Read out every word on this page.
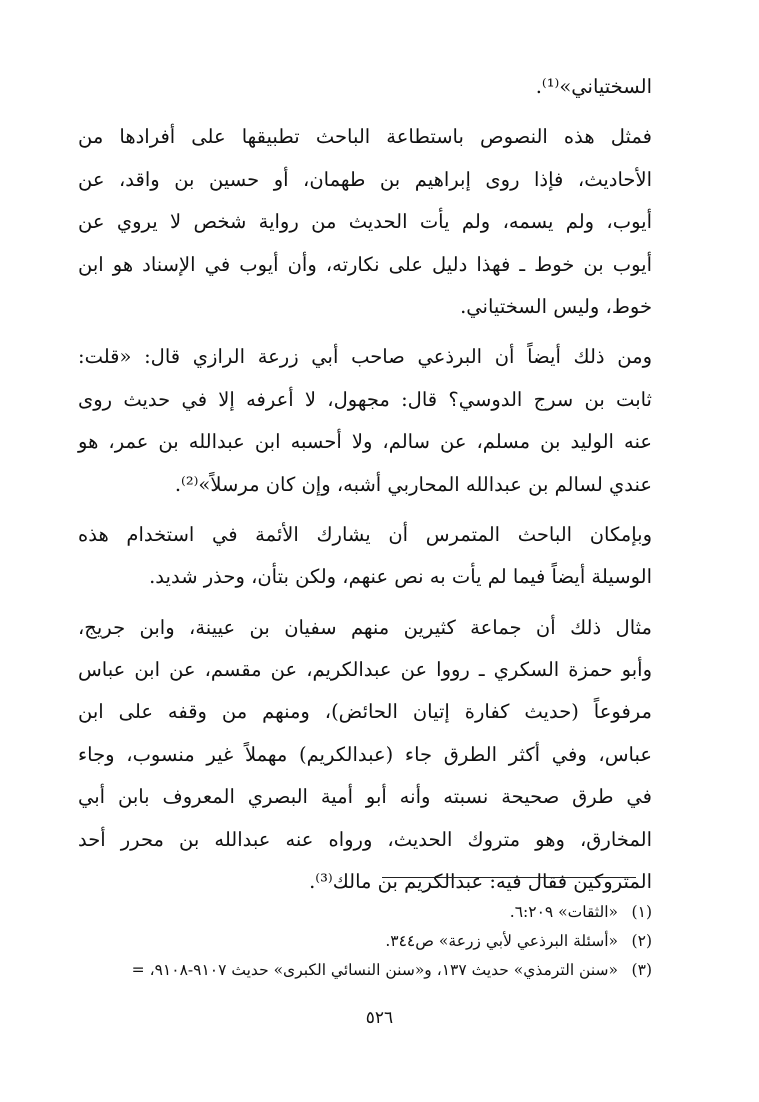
السختياني»⁽¹⁾.
فمثل هذه النصوص باستطاعة الباحث تطبيقها على أفرادها من
الأحاديث، فإذا روى إبراهيم بن طهمان، أو حسين بن واقد، عن
أيوب، ولم يسمه، ولم يأت الحديث من رواية شخص لا يروي عن
أيوب بن خوط ـ فهذا دليل على نكارته، وأن أيوب في الإسناد هو ابن
خوط، وليس السختياني.
ومن ذلك أيضاً أن البرذعي صاحب أبي زرعة الرازي قال: «قلت:
ثابت بن سرج الدوسي؟ قال: مجهول، لا أعرفه إلا في حديث روى
عنه الوليد بن مسلم، عن سالم، ولا أحسبه ابن عبدالله بن عمر، هو
عندي لسالم بن عبدالله المحاربي أشبه، وإن كان مرسلاً»⁽²⁾.
وبإمكان الباحث المتمرس أن يشارك الأئمة في استخدام هذه
الوسيلة أيضاً فيما لم يأت به نص عنهم، ولكن بتأن، وحذر شديد.
مثال ذلك أن جماعة كثيرين منهم سفيان بن عيينة، وابن جريج،
وأبو حمزة السكري ـ رووا عن عبدالكريم، عن مقسم، عن ابن عباس
مرفوعاً (حديث كفارة إتيان الحائض)، ومنهم من وقفه على ابن
عباس، وفي أكثر الطرق جاء (عبدالكريم) مهملاً غير منسوب، وجاء
في طرق صحيحة نسبته وأنه أبو أمية البصري المعروف بابن أبي
المخارق، وهو متروك الحديث، ورواه عنه عبدالله بن محرر أحد
المتروكين فقال فيه: عبدالكريم بن مالك⁽³⁾.
(١)
«الثقات» ٦:٢٠٩.
(٢)
«أسئلة البرذعي لأبي زرعة» ص٣٤٤.
(٣)
«سنن الترمذي» حديث ١٣٧، و«سنن النسائي الكبرى» حديث ٩١٠٧-٩١٠٨، =
٥٢٦
